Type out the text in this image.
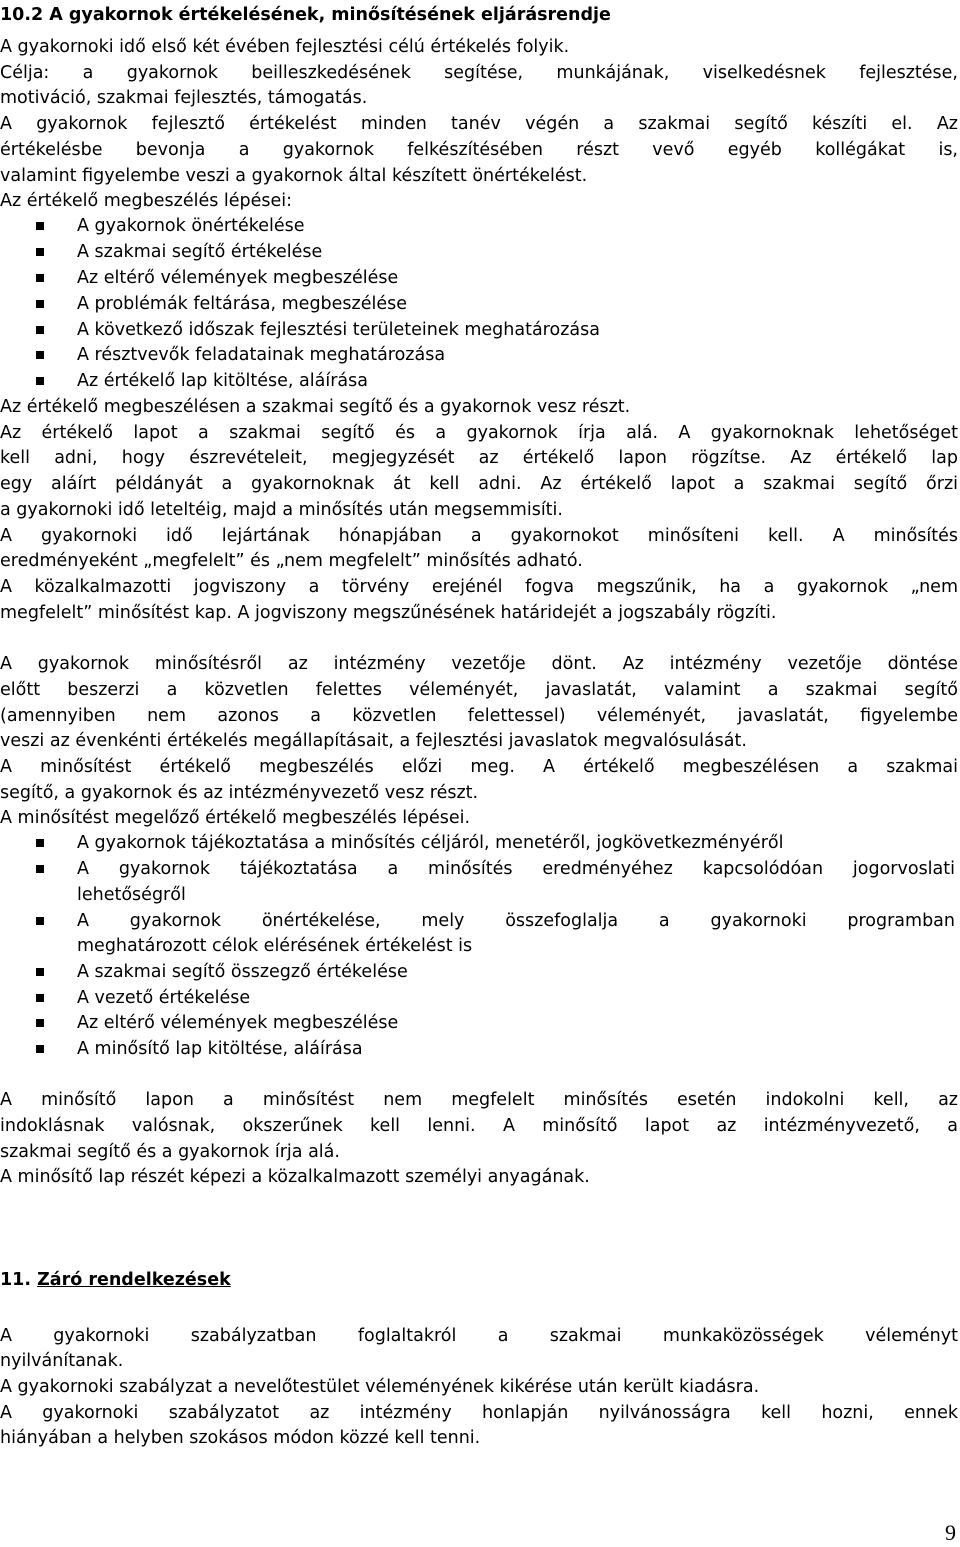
10.2 A gyakornok értékelésének, minősítésének eljárásrendje
A gyakornoki idő első két évében fejlesztési célú értékelés folyik.
Célja: a gyakornok beilleszkedésének segítése, munkájának, viselkedésnek fejlesztése,
motiváció, szakmai fejlesztés, támogatás.
A gyakornok fejlesztő értékelést minden tanév végén a szakmai segítő készíti el. Az
értékelésbe bevonja a gyakornok felkészítésében részt vevő egyéb kollégákat is,
valamint figyelembe veszi a gyakornok által készített önértékelést.
Az értékelő megbeszélés lépései:
A gyakornok önértékelése
A szakmai segítő értékelése
Az eltérő vélemények megbeszélése
A problémák feltárása, megbeszélése
A következő időszak fejlesztési területeinek meghatározása
A résztvevők feladatainak meghatározása
Az értékelő lap kitöltése, aláírása
Az értékelő megbeszélésen a szakmai segítő és a gyakornok vesz részt.
Az értékelő lapot a szakmai segítő és a gyakornok írja alá. A gyakornoknak lehetőséget
kell adni, hogy észrevételeit, megjegyzését az értékelő lapon rögzítse. Az értékelő lap
egy aláírt példányát a gyakornoknak át kell adni. Az értékelő lapot a szakmai segítő őrzi
a gyakornoki idő leteltéig, majd a minősítés után megsemmisíti.
A gyakornoki idő lejártának hónapjában a gyakornokot minősíteni kell. A minősítés
eredményeként „megfelelt” és „nem megfelelt” minősítés adható.
A közalkalmazotti jogviszony a törvény erejénél fogva megszűnik, ha a gyakornok „nem
megfelelt” minősítést kap. A jogviszony megszűnésének határidejét a jogszabály rögzíti.
A gyakornok minősítésről az intézmény vezetője dönt. Az intézmény vezetője döntése
előtt beszerzi a közvetlen felettes véleményét, javaslatát, valamint a szakmai segítő
(amennyiben nem azonos a közvetlen felettessel) véleményét, javaslatát, figyelembe
veszi az évenkénti értékelés megállapításait, a fejlesztési javaslatok megvalósulását.
A minősítést értékelő megbeszélés előzi meg. A értékelő megbeszélésen a szakmai
segítő, a gyakornok és az intézményvezető vesz részt.
A minősítést megelőző értékelő megbeszélés lépései.
A gyakornok tájékoztatása a minősítés céljáról, menetéről, jogkövetkezményéről
A gyakornok tájékoztatása a minősítés eredményéhez kapcsolódóan jogorvoslati
lehetőségről
A gyakornok önértékelése, mely összefoglalja a gyakornoki programban
meghatározott célok elérésének értékelést is
A szakmai segítő összegző értékelése
A vezető értékelése
Az eltérő vélemények megbeszélése
A minősítő lap kitöltése, aláírása
A minősítő lapon a minősítést nem megfelelt minősítés esetén indokolni kell, az
indoklásnak valósnak, okszerűnek kell lenni. A minősítő lapot az intézményvezető, a
szakmai segítő és a gyakornok írja alá.
A minősítő lap részét képezi a közalkalmazott személyi anyagának.
11. Záró rendelkezések
A gyakornoki szabályzatban foglaltakról a szakmai munkaközösségek véleményt
nyilvánítanak.
A gyakornoki szabályzat a nevelőtestület véleményének kikérése után került kiadásra.
A gyakornoki szabályzatot az intézmény honlapján nyilvánosságra kell hozni, ennek
hiányában a helyben szokásos módon közzé kell tenni.
9
